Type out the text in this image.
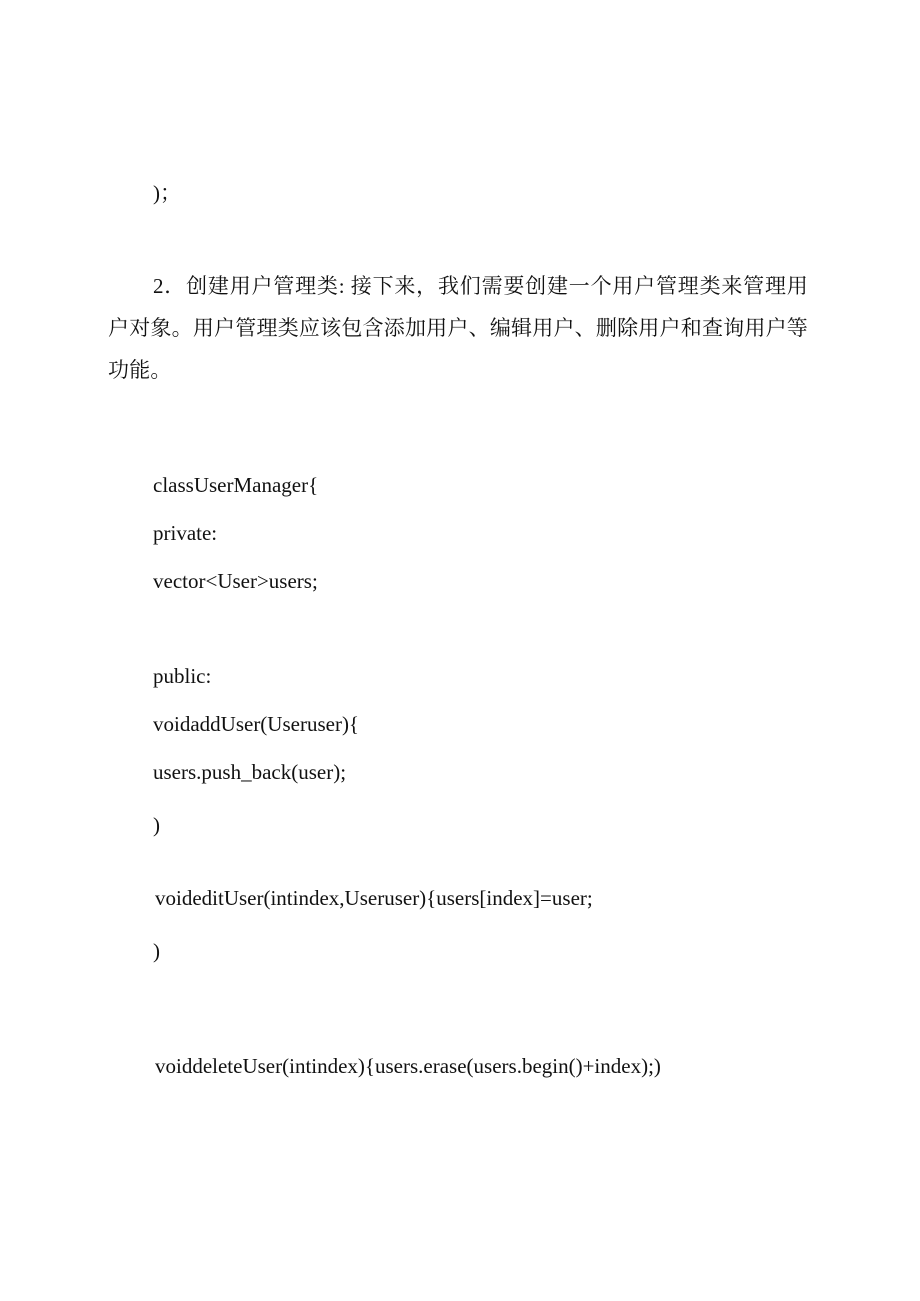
)；
2．创建用户管理类: 接下来，我们需要创建一个用户管理类来管理用户对象。用户管理类应该包含添加用户、编辑用户、删除用户和查询用户等功能。
classUserManager{
private:
vector<User>users;
public:
voidaddUser(Useruser){
users.push_back(user);
)
voideditUser(intindex,Useruser){users[index]=user;
)
voiddeleteUser(intindex){users.erase(users.begin()+index);)
